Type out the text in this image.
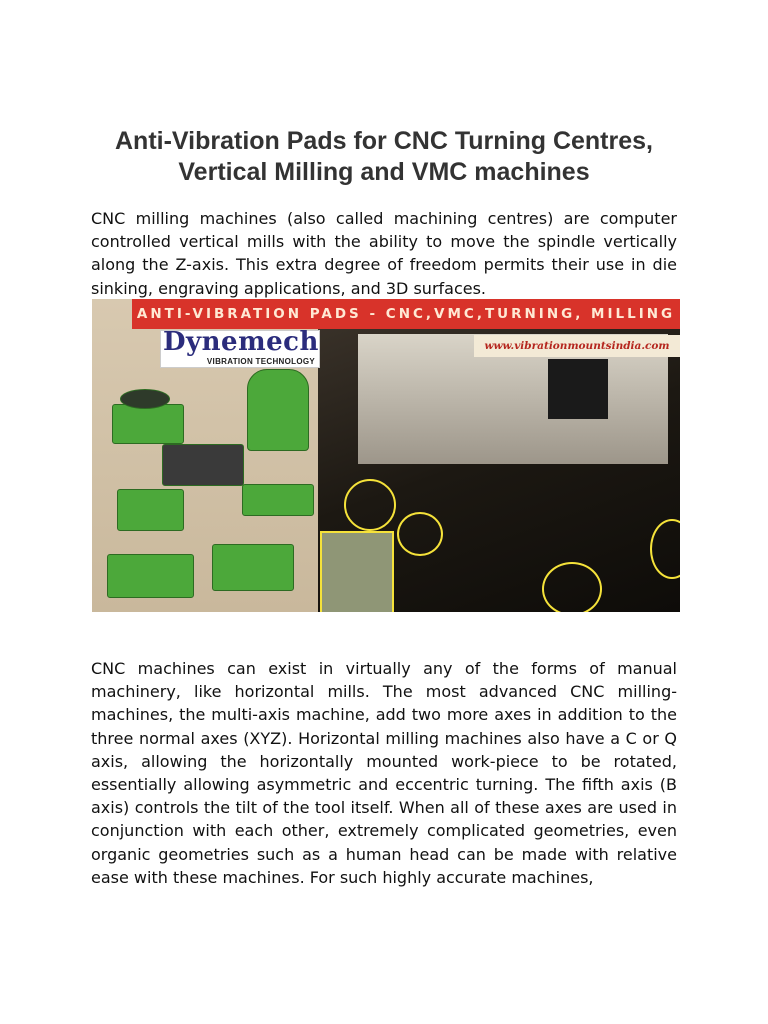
Anti-Vibration Pads for CNC Turning Centres,
Vertical Milling and VMC machines

CNC milling machines (also called machining centres) are computer controlled vertical mills with the ability to move the spindle vertically along the Z-axis. This extra degree of freedom permits their use in die sinking, engraving applications, and 3D surfaces.

ANTI-VIBRATION PADS - CNC,VMC,TURNING, MILLING
Dynemech
VIBRATION TECHNOLOGY
www.vibrationmountsindia.com

CNC machines can exist in virtually any of the forms of manual machinery, like horizontal mills. The most advanced CNC milling-machines, the multi-axis machine, add two more axes in addition to the three normal axes (XYZ). Horizontal milling machines also have a C or Q axis, allowing the horizontally mounted work-piece to be rotated, essentially allowing asymmetric and eccentric turning. The fifth axis (B axis) controls the tilt of the tool itself. When all of these axes are used in conjunction with each other, extremely complicated geometries, even organic geometries such as a human head can be made with relative ease with these machines. For such highly accurate machines,
